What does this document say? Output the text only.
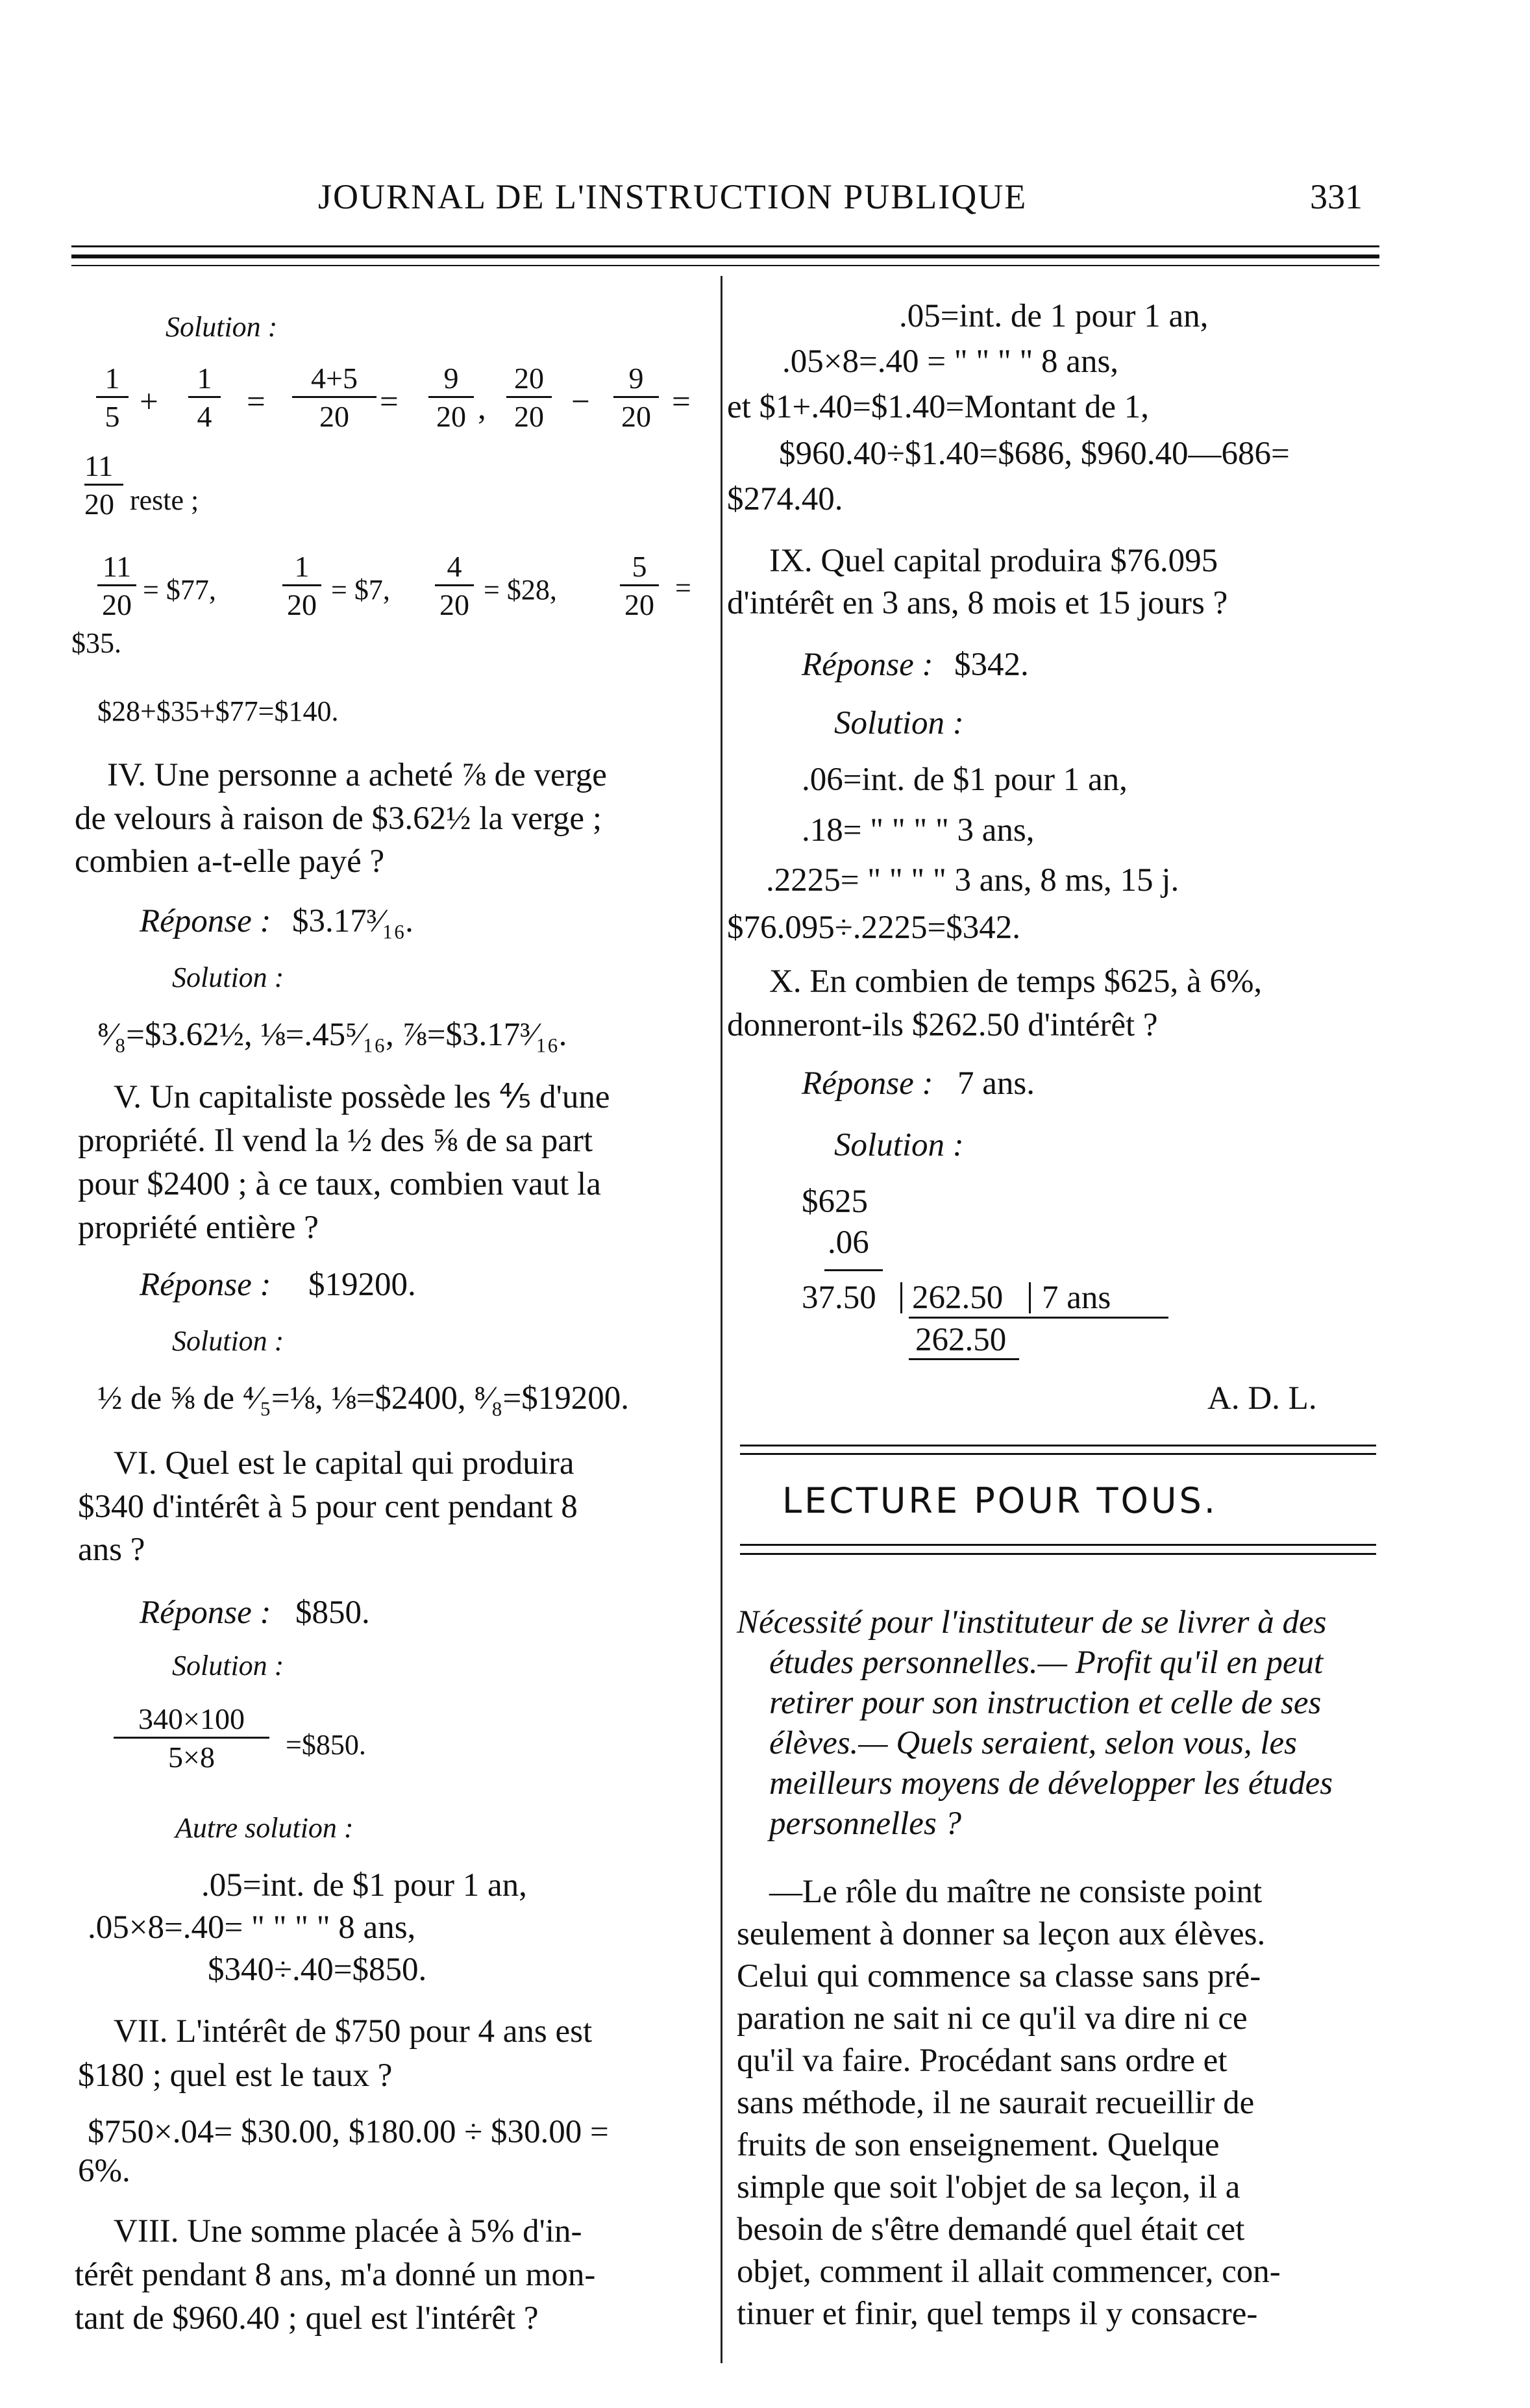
JOURNAL DE L'INSTRUCTION PUBLIQUE	331
Solution :
$\frac{1}{5} + \frac{1}{4} = \frac{4+5}{20} = \frac{9}{20}$ , $\frac{20}{20} - \frac{9}{20}$ =
$\frac{11}{20}$ reste ;
$\frac{11}{20}$ = $77, $\frac{1}{20}$ = $7, $\frac{4}{20}$ = $28, $\frac{5}{20}$ =
$35.
$28+$35+$77=$140.
IV. Une personne a acheté ⅞ de verge
de velours à raison de $3.62½ la verge ;
combien a-t-elle payé ?
Réponse : $3.17³⁄₁₆.
Solution :
⁸⁄₈=$3.62½, ⅛=.45⁵⁄₁₆, ⅞=$3.17³⁄₁₆.
V. Un capitaliste possède les ⅘ d'une
propriété. Il vend la ½ des ⅝ de sa part
pour $2400 ; à ce taux, combien vaut la
propriété entière ?
Réponse : $19200.
Solution :
½ de ⅝ de ⁴⁄₅=⅛, ⅛=$2400, ⁸⁄₈=$19200.
VI. Quel est le capital qui produira
$340 d'intérêt à 5 pour cent pendant 8
ans ?
Réponse : $850.
Solution :
$\frac{340\times 100}{5\times 8}$ =$850.
Autre solution :
.05=int. de $1 pour 1 an,
.05×8=.40= " " " " 8 ans,
$340÷.40=$850.
VII. L'intérêt de $750 pour 4 ans est
$180 ; quel est le taux ?
$750×.04= $30.00, $180.00 ÷ $30.00 =
6%.
VIII. Une somme placée à 5% d'in-
térêt pendant 8 ans, m'a donné un mon-
tant de $960.40 ; quel est l'intérêt ?
.05=int. de 1 pour 1 an,
.05×8=.40 = " " " " 8 ans,
et $1+.40=$1.40=Montant de 1,
$960.40÷$1.40=$686, $960.40—686=
$274.40.
IX. Quel capital produira $76.095
d'intérêt en 3 ans, 8 mois et 15 jours ?
Réponse : $342.
Solution :
.06=int. de $1 pour 1 an,
.18= " " " " 3 ans,
.2225= " " " " 3 ans, 8 ms, 15 j.
$76.095÷.2225=$342.
X. En combien de temps $625, à 6%,
donneront-ils $262.50 d'intérêt ?
Réponse : 7 ans.
Solution :
$625
.06
37.50 262.50 7 ans
262.50
A. D. L.
LECTURE POUR TOUS.
Nécessité pour l'instituteur de se livrer à des
études personnelles.— Profit qu'il en peut
retirer pour son instruction et celle de ses
élèves.— Quels seraient, selon vous, les
meilleurs moyens de développer les études
personnelles ?
—Le rôle du maître ne consiste point
seulement à donner sa leçon aux élèves.
Celui qui commence sa classe sans pré-
paration ne sait ni ce qu'il va dire ni ce
qu'il va faire. Procédant sans ordre et
sans méthode, il ne saurait recueillir de
fruits de son enseignement. Quelque
simple que soit l'objet de sa leçon, il a
besoin de s'être demandé quel était cet
objet, comment il allait commencer, con-
tinuer et finir, quel temps il y consacre-
